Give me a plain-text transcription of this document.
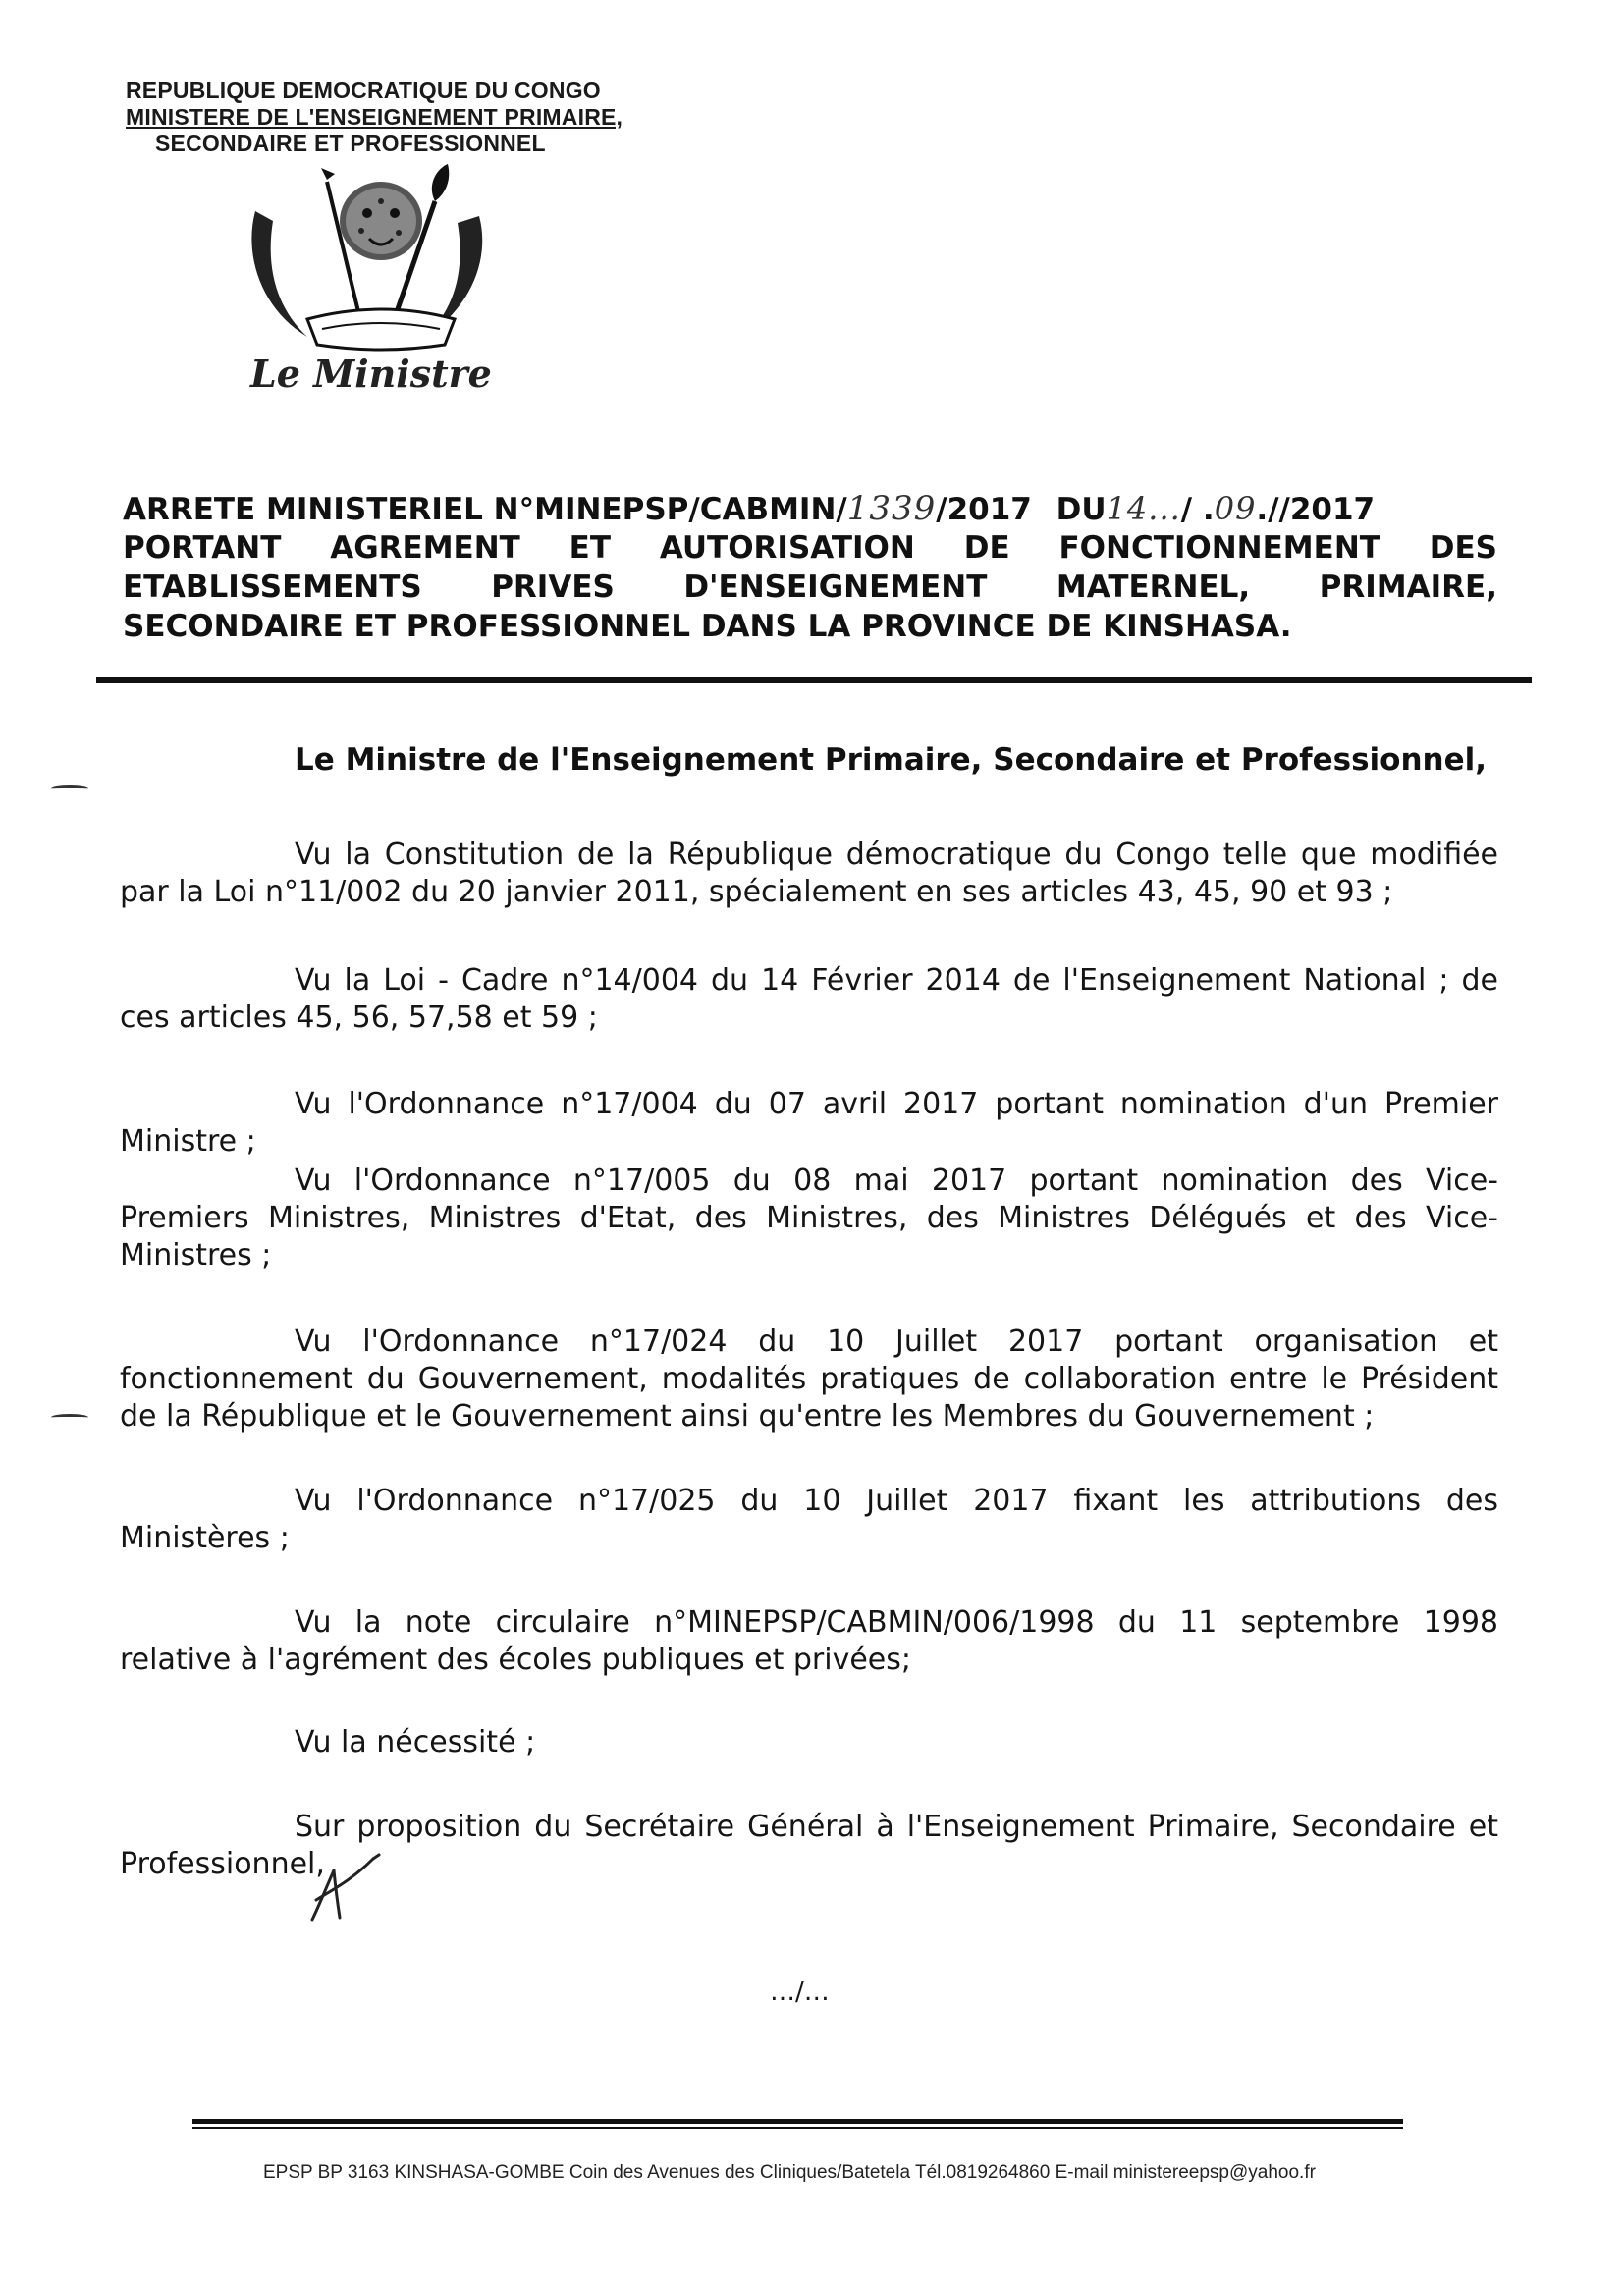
REPUBLIQUE DEMOCRATIQUE DU CONGO
MINISTERE DE L'ENSEIGNEMENT PRIMAIRE,
SECONDAIRE ET PROFESSIONNEL
Le Ministre
ARRETE MINISTERIEL N°MINEPSP/CABMIN/1339/2017 DU14.../ .09.//2017
PORTANT AGREMENT ET AUTORISATION DE FONCTIONNEMENT DES
ETABLISSEMENTS PRIVES D'ENSEIGNEMENT MATERNEL, PRIMAIRE,
SECONDAIRE ET PROFESSIONNEL DANS LA PROVINCE DE KINSHASA.
Le Ministre de l'Enseignement Primaire, Secondaire et Professionnel,
Vu la Constitution de la République démocratique du Congo telle que modifiée
par la Loi n°11/002 du 20 janvier 2011, spécialement en ses articles 43, 45, 90 et 93 ;
Vu la Loi - Cadre n°14/004 du 14 Février 2014 de l'Enseignement National ; de
ces articles 45, 56, 57,58 et 59 ;
Vu l'Ordonnance n°17/004 du 07 avril 2017 portant nomination d'un Premier
Ministre ;
Vu l'Ordonnance n°17/005 du 08 mai 2017 portant nomination des Vice-
Premiers Ministres, Ministres d'Etat, des Ministres, des Ministres Délégués et des Vice-
Ministres ;
Vu l'Ordonnance n°17/024 du 10 Juillet 2017 portant organisation et
fonctionnement du Gouvernement, modalités pratiques de collaboration entre le Président
de la République et le Gouvernement ainsi qu'entre les Membres du Gouvernement ;
Vu l'Ordonnance n°17/025 du 10 Juillet 2017 fixant les attributions des
Ministères ;
Vu la note circulaire n°MINEPSP/CABMIN/006/1998 du 11 septembre 1998
relative à l'agrément des écoles publiques et privées;
Vu la nécessité ;
Sur proposition du Secrétaire Général à l'Enseignement Primaire, Secondaire et
Professionnel,
…/…
EPSP BP 3163 KINSHASA-GOMBE Coin des Avenues des Cliniques/Batetela Tél.0819264860 E-mail ministereepsp@yahoo.fr
